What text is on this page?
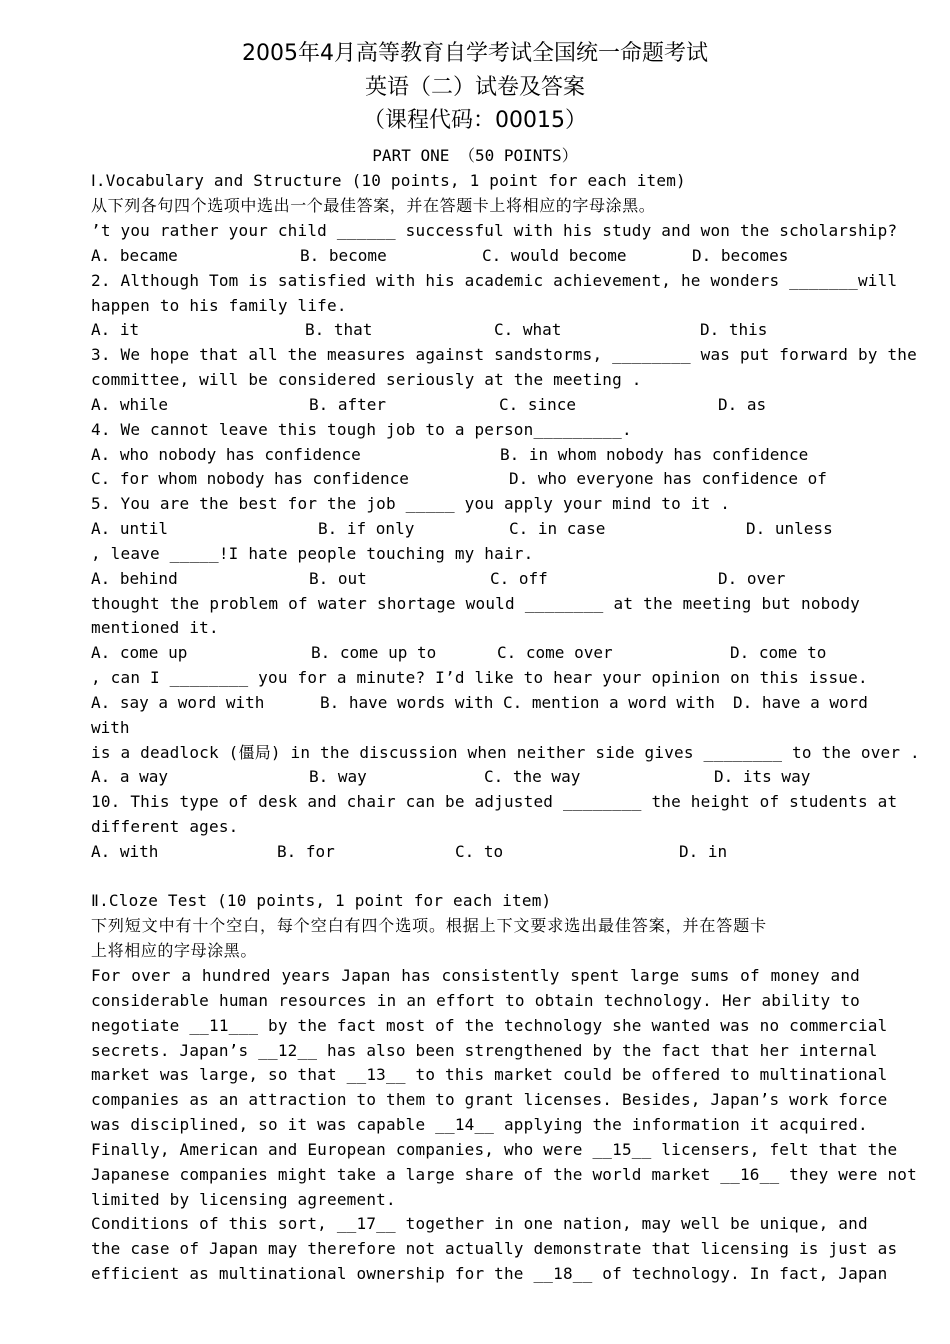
2005年4月高等教育自学考试全国统一命题考试
英语（二）试卷及答案
（课程代码：00015）
PART ONE （50 POINTS）
Ⅰ.Vocabulary and Structure (10 points, 1 point for each item)
从下列各句四个选项中选出一个最佳答案，并在答题卡上将相应的字母涂黑。
’t you rather your child ______ successful with his study and won the scholarship?
A. became	B. become	C. would become	D. becomes
2. Although Tom is satisfied with his academic achievement, he wonders _______will
happen to his family life.
A. it	B. that	C. what	D. this
3. We hope that all the measures against sandstorms, ________ was put forward by the
committee, will be considered seriously at the meeting .
A. while	B. after	C. since	D. as
4. We cannot leave this tough job to a person_________.
A. who nobody has confidence	B. in whom nobody has confidence
C. for whom nobody has confidence	D. who everyone has confidence of
5. You are the best for the job _____ you apply your mind to it .
A. until	B. if only	C. in case	D. unless
, leave _____!I hate people touching my hair.
A. behind	B. out	C. off	D. over
thought the problem of water shortage would ________ at the meeting but nobody
mentioned it.
A. come up	B. come up to	C. come over	D. come to
, can I ________ you for a minute? I’d like to hear your opinion on this issue.
A. say a word with	B. have words with C. mention a word with D. have a word
with
is a deadlock (僵局) in the discussion when neither side gives ________ to the over .
A. a way	B. way	C. the way	D. its way
10. This type of desk and chair can be adjusted ________ the height of students at
different ages.
A. with	B. for	C. to	D. in
Ⅱ.Cloze Test (10 points, 1 point for each item)
下列短文中有十个空白，每个空白有四个选项。根据上下文要求选出最佳答案，并在答题卡
上将相应的字母涂黑。
For over a hundred years Japan has consistently spent large sums of money and
considerable human resources in an effort to obtain technology. Her ability to
negotiate __11___ by the fact most of the technology she wanted was no commercial
secrets. Japan’s __12__ has also been strengthened by the fact that her internal
market was large, so that __13__ to this market could be offered to multinational
companies as an attraction to them to grant licenses. Besides, Japan’s work force
was disciplined, so it was capable __14__ applying the information it acquired.
Finally, American and European companies, who were __15__ licensers, felt that the
Japanese companies might take a large share of the world market __16__ they were not
limited by licensing agreement.
Conditions of this sort, __17__ together in one nation, may well be unique, and
the case of Japan may therefore not actually demonstrate that licensing is just as
efficient as multinational ownership for the __18__ of technology. In fact, Japan
